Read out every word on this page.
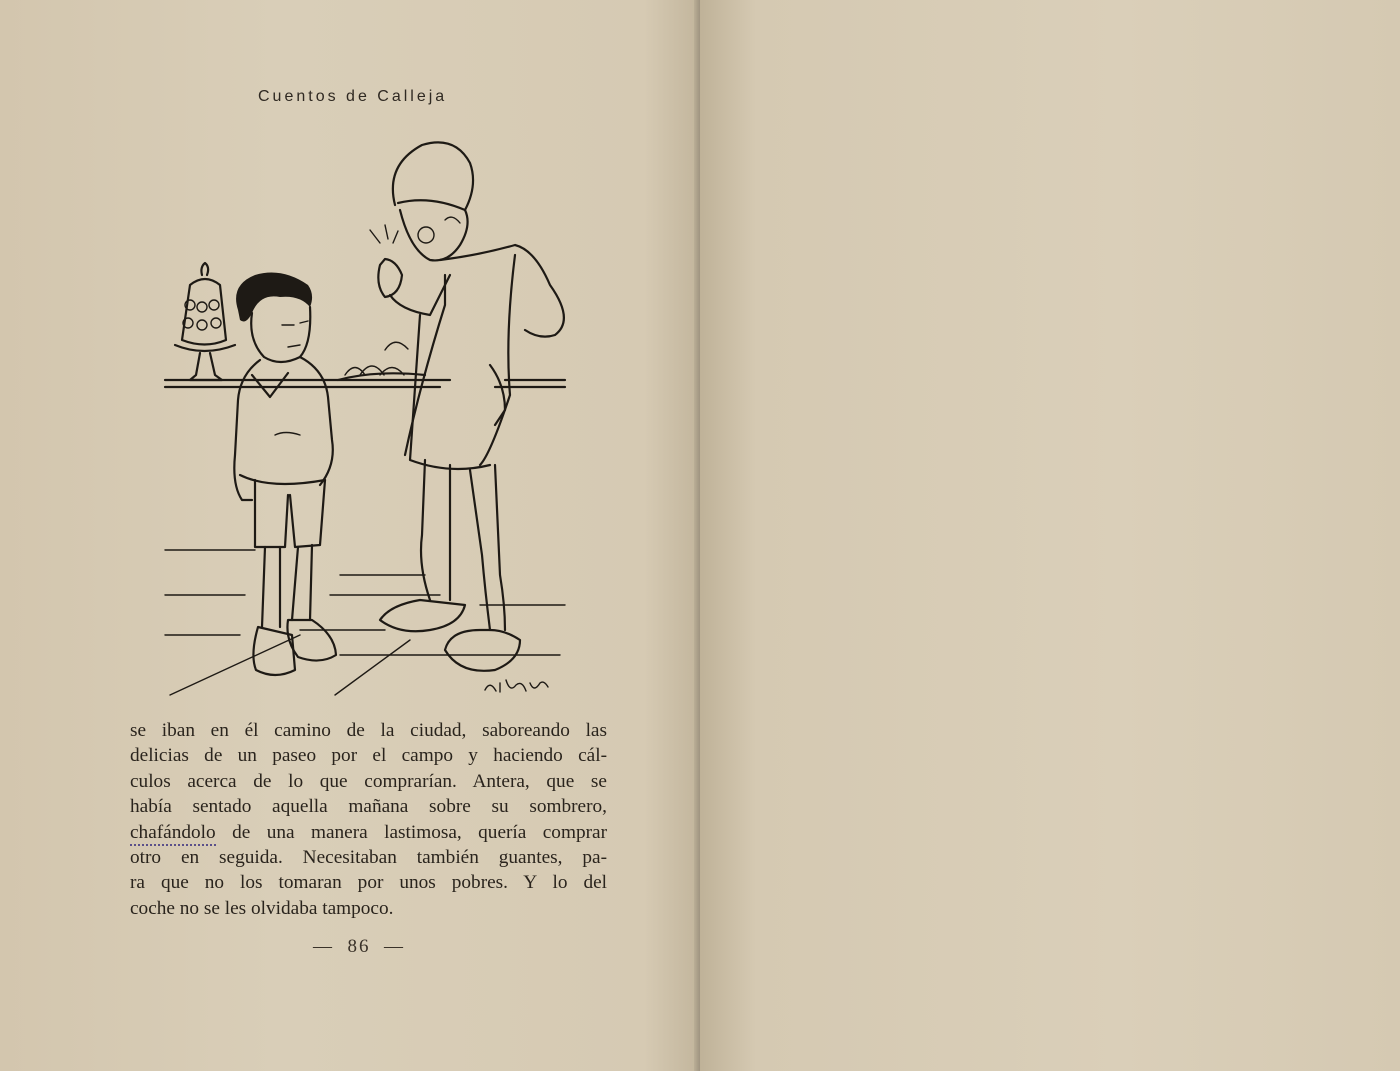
Cuentos de Calleja
se iban en él camino de la ciudad, saboreando las
delicias de un paseo por el campo y haciendo cál-
culos acerca de lo que comprarían. Antera, que se
había sentado aquella mañana sobre su sombrero,
chafándolo de una manera lastimosa, quería comprar
otro en seguida. Necesitaban también guantes, pa-
ra que no los tomaran por unos pobres. Y lo del
coche no se les olvidaba tampoco.
—  86  —
